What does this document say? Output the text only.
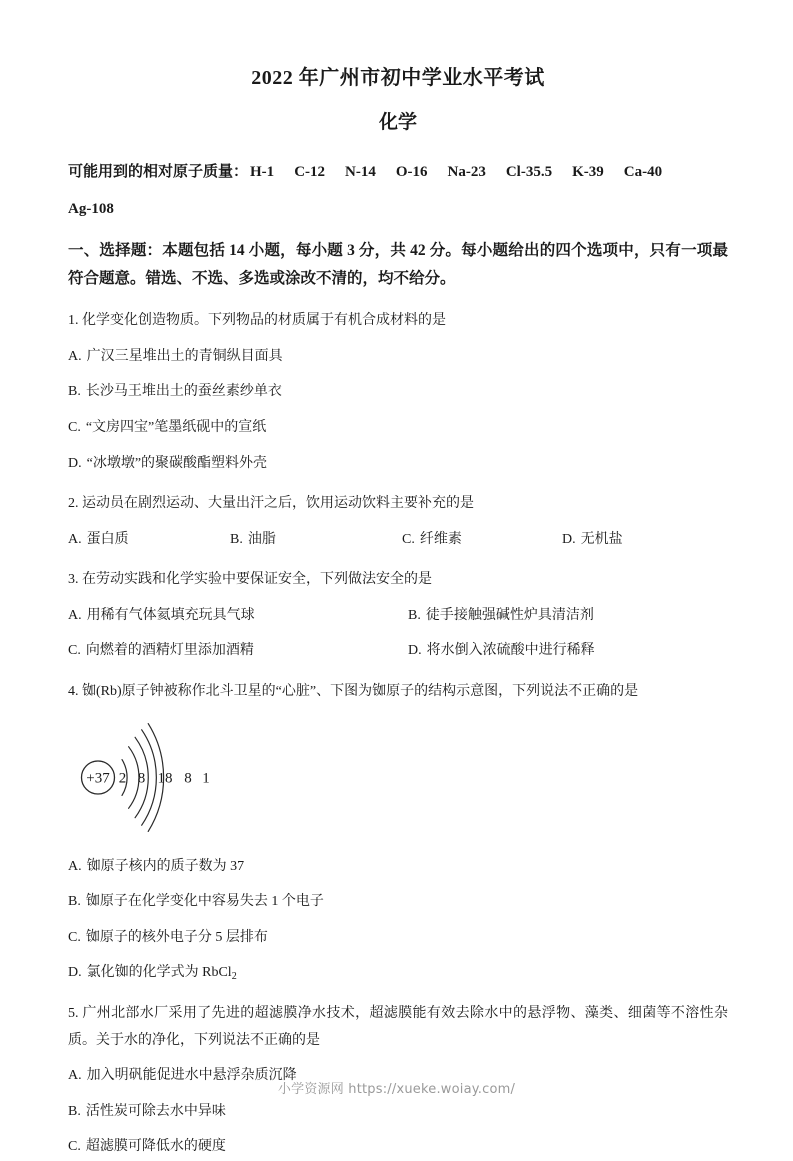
2022 年广州市初中学业水平考试
化学
可能用到的相对原子质量： H-1 C-12 N-14 O-16 Na-23 Cl-35.5 K-39 Ca-40
Ag-108
一、选择题：本题包括 14 小题，每小题 3 分，共 42 分。每小题给出的四个选项中，只有一项最符合题意。错选、不选、多选或涂改不清的，均不给分。
1. 化学变化创造物质。下列物品的材质属于有机合成材料的是
A. 广汉三星堆出土的青铜纵目面具
B. 长沙马王堆出土的蚕丝素纱单衣
C. “文房四宝”笔墨纸砚中的宣纸
D. “冰墩墩”的聚碳酸酯塑料外壳
2. 运动员在剧烈运动、大量出汗之后，饮用运动饮料主要补充的是
A. 蛋白质	B. 油脂	C. 纤维素	D. 无机盐
3. 在劳动实践和化学实验中要保证安全，下列做法安全的是
A. 用稀有气体氦填充玩具气球	B. 徒手接触强碱性炉具清洁剂
C. 向燃着的酒精灯里添加酒精	D. 将水倒入浓硫酸中进行稀释
4. 铷(Rb)原子钟被称作北斗卫星的“心脏”、下图为铷原子的结构示意图，下列说法不正确的是
+37 2 8 18 8 1
A. 铷原子核内的质子数为 37
B. 铷原子在化学变化中容易失去 1 个电子
C. 铷原子的核外电子分 5 层排布
D. 氯化铷的化学式为 RbCl$_2$
5. 广州北部水厂采用了先进的超滤膜净水技术，超滤膜能有效去除水中的悬浮物、藻类、细菌等不溶性杂质。关于水的净化，下列说法不正确的是
A. 加入明矾能促进水中悬浮杂质沉降
B. 活性炭可除去水中异味
C. 超滤膜可降低水的硬度
小学资源网 https://xueke.woiay.com/
